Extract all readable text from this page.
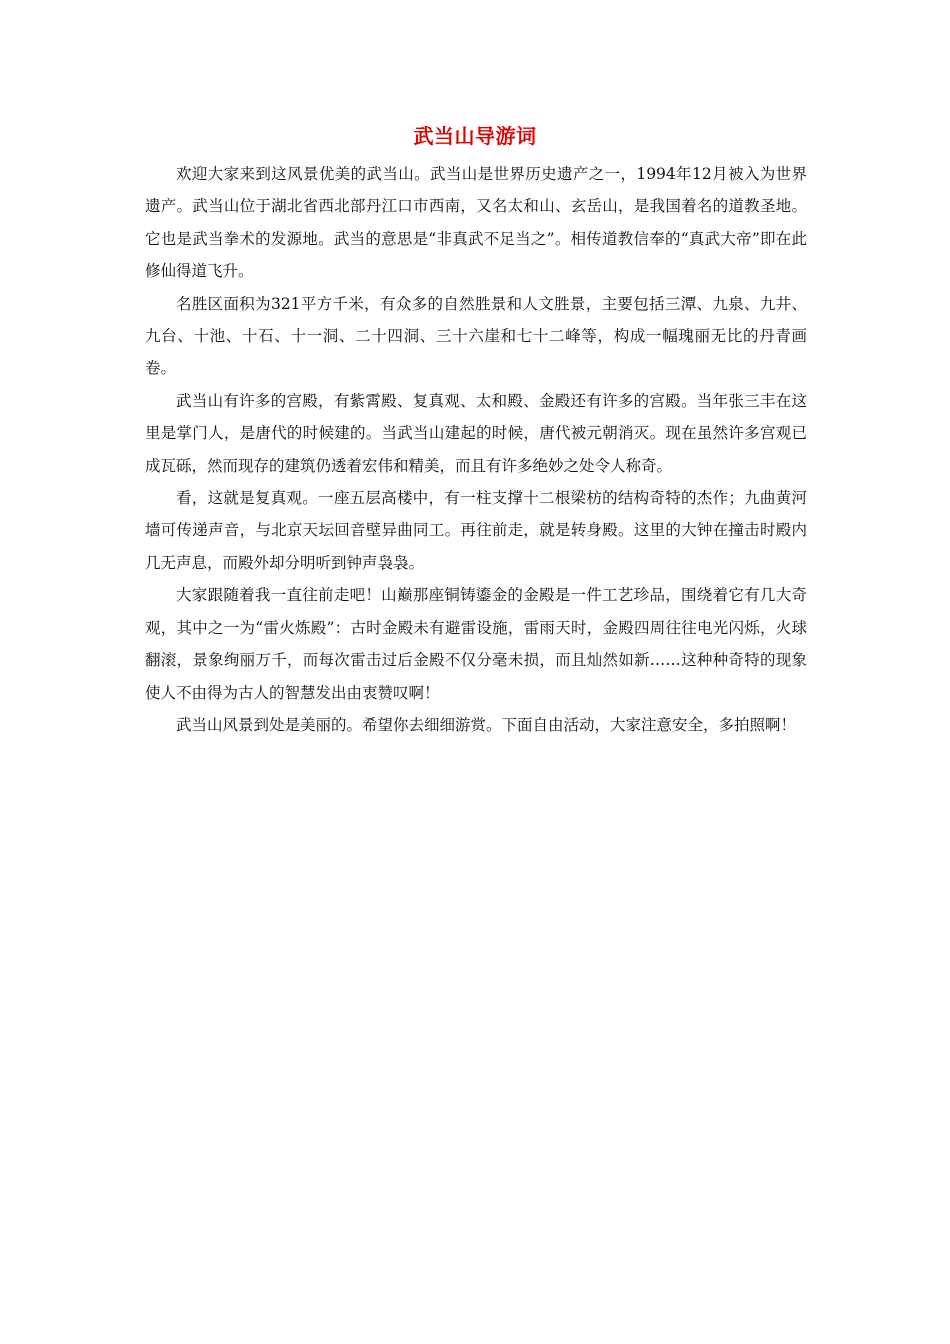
武当山导游词

欢迎大家来到这风景优美的武当山。武当山是世界历史遗产之一，1994年12月被入为世界遗产。武当山位于湖北省西北部丹江口市西南，又名太和山、玄岳山，是我国着名的道教圣地。它也是武当拳术的发源地。武当的意思是“非真武不足当之”。相传道教信奉的“真武大帝”即在此修仙得道飞升。

名胜区面积为321平方千米，有众多的自然胜景和人文胜景，主要包括三潭、九泉、九井、九台、十池、十石、十一洞、二十四洞、三十六崖和七十二峰等，构成一幅瑰丽无比的丹青画卷。

武当山有许多的宫殿，有紫霄殿、复真观、太和殿、金殿还有许多的宫殿。当年张三丰在这里是掌门人，是唐代的时候建的。当武当山建起的时候，唐代被元朝消灭。现在虽然许多宫观已成瓦砾，然而现存的建筑仍透着宏伟和精美，而且有许多绝妙之处令人称奇。

看，这就是复真观。一座五层高楼中，有一柱支撑十二根梁枋的结构奇特的杰作；九曲黄河墙可传递声音，与北京天坛回音壁异曲同工。再往前走，就是转身殿。这里的大钟在撞击时殿内几无声息，而殿外却分明听到钟声袅袅。

大家跟随着我一直往前走吧！山巅那座铜铸鎏金的金殿是一件工艺珍品，围绕着它有几大奇观，其中之一为“雷火炼殿”：古时金殿未有避雷设施，雷雨天时，金殿四周往往电光闪烁，火球翻滚，景象绚丽万千，而每次雷击过后金殿不仅分毫未损，而且灿然如新……这种种奇特的现象使人不由得为古人的智慧发出由衷赞叹啊！

武当山风景到处是美丽的。希望你去细细游赏。下面自由活动，大家注意安全，多拍照啊！
